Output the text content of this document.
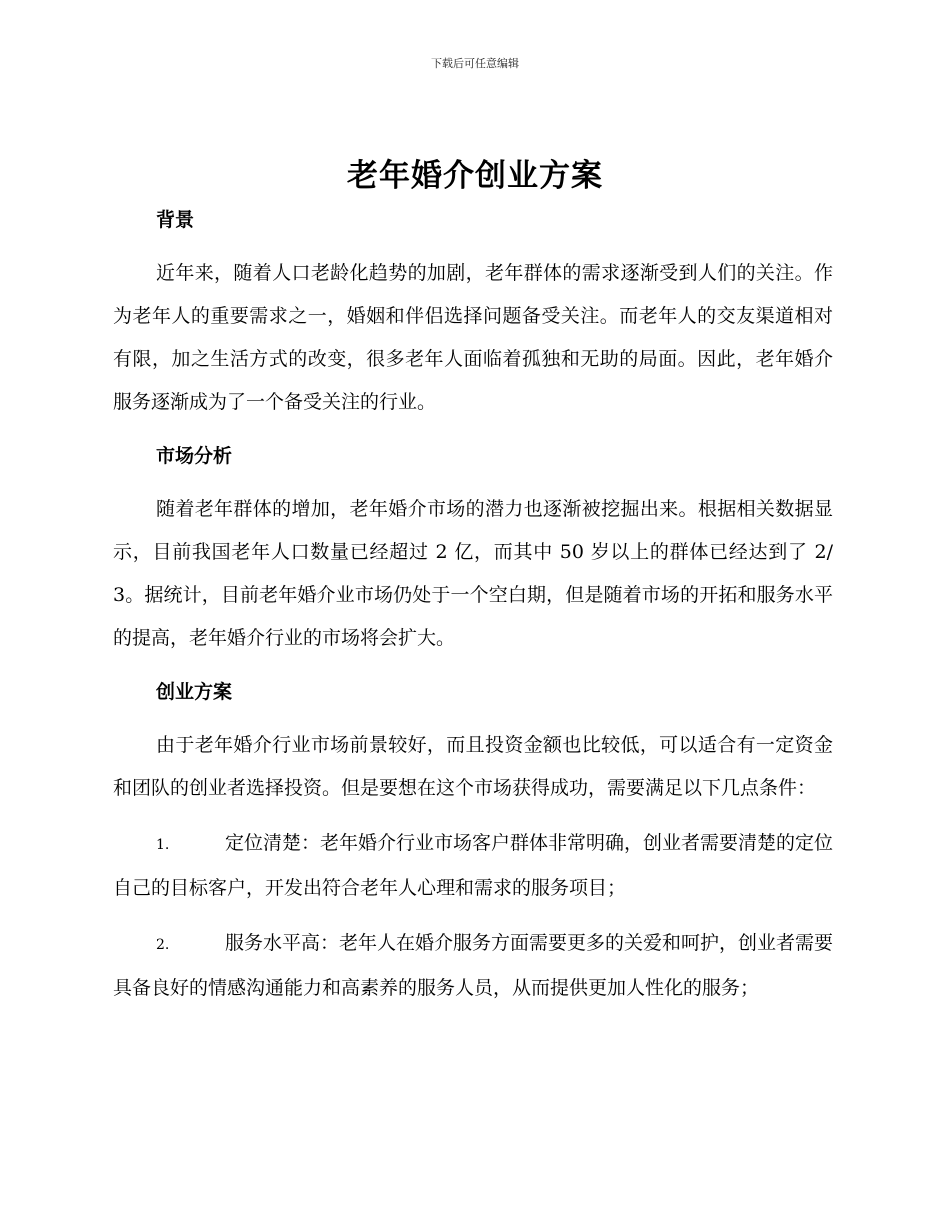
下载后可任意编辑
老年婚介创业方案
背景

近年来，随着人口老龄化趋势的加剧，老年群体的需求逐渐受到人们的关注。作为老年人的重要需求之一，婚姻和伴侣选择问题备受关注。而老年人的交友渠道相对有限，加之生活方式的改变，很多老年人面临着孤独和无助的局面。因此，老年婚介服务逐渐成为了一个备受关注的行业。

市场分析

随着老年群体的增加，老年婚介市场的潜力也逐渐被挖掘出来。根据相关数据显示，目前我国老年人口数量已经超过 2 亿，而其中 50 岁以上的群体已经达到了 2/3。据统计，目前老年婚介业市场仍处于一个空白期，但是随着市场的开拓和服务水平的提高，老年婚介行业的市场将会扩大。

创业方案

由于老年婚介行业市场前景较好，而且投资金额也比较低，可以适合有一定资金和团队的创业者选择投资。但是要想在这个市场获得成功，需要满足以下几点条件：

1.	定位清楚：老年婚介行业市场客户群体非常明确，创业者需要清楚的定位自己的目标客户，开发出符合老年人心理和需求的服务项目；

2.	服务水平高：老年人在婚介服务方面需要更多的关爱和呵护，创业者需要具备良好的情感沟通能力和高素养的服务人员，从而提供更加人性化的服务；
